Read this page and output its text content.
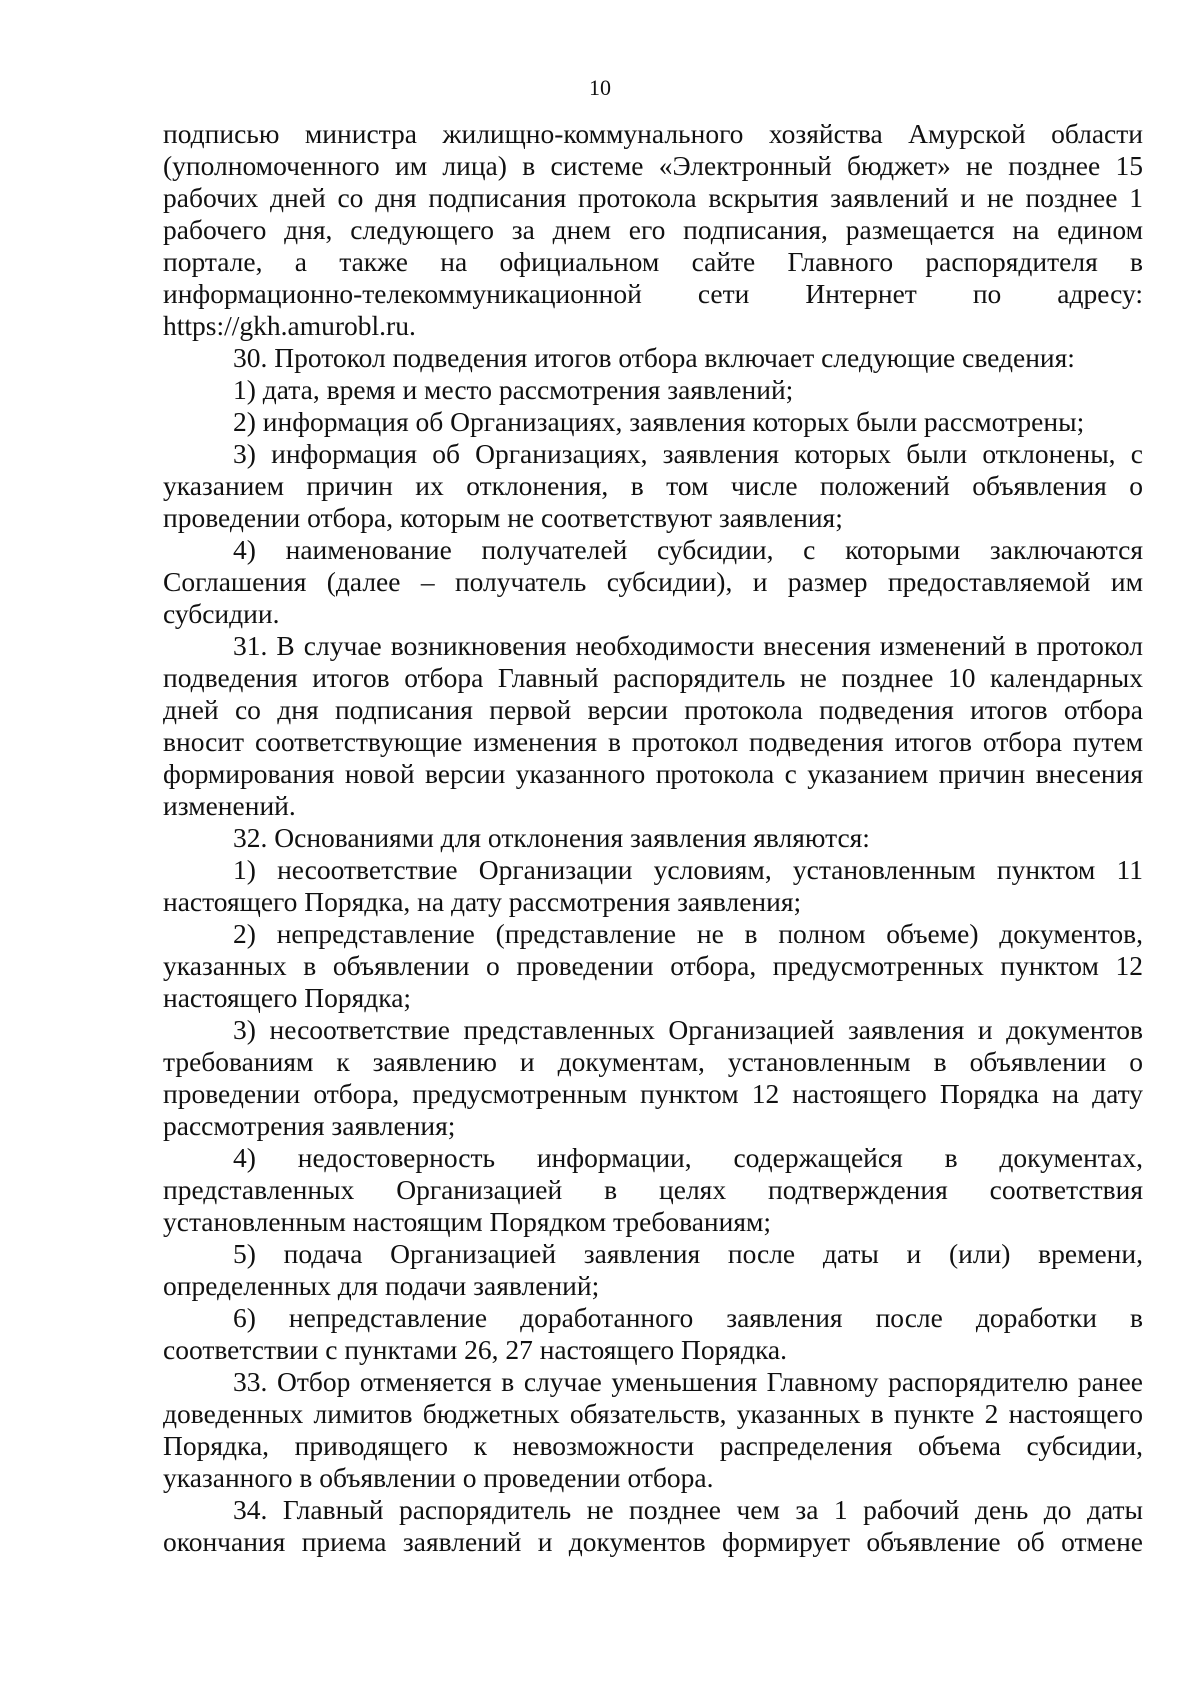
10

подписью министра жилищно-коммунального хозяйства Амурской области (уполномоченного им лица) в системе «Электронный бюджет» не позднее 15 рабочих дней со дня подписания протокола вскрытия заявлений и не позднее 1 рабочего дня, следующего за днем его подписания, размещается на едином портале, а также на официальном сайте Главного распорядителя в информационно-телекоммуникационной сети Интернет по адресу: https://gkh.amurobl.ru.

30. Протокол подведения итогов отбора включает следующие сведения:

1) дата, время и место рассмотрения заявлений;

2) информация об Организациях, заявления которых были рассмотрены;

3) информация об Организациях, заявления которых были отклонены, с указанием причин их отклонения, в том числе положений объявления о проведении отбора, которым не соответствуют заявления;

4) наименование получателей субсидии, с которыми заключаются Соглашения (далее – получатель субсидии), и размер предоставляемой им субсидии.

31. В случае возникновения необходимости внесения изменений в протокол подведения итогов отбора Главный распорядитель не позднее 10 календарных дней со дня подписания первой версии протокола подведения итогов отбора вносит соответствующие изменения в протокол подведения итогов отбора путем формирования новой версии указанного протокола с указанием причин внесения изменений.

32. Основаниями для отклонения заявления являются:

1) несоответствие Организации условиям, установленным пунктом 11 настоящего Порядка, на дату рассмотрения заявления;

2) непредставление (представление не в полном объеме) документов, указанных в объявлении о проведении отбора, предусмотренных пунктом 12 настоящего Порядка;

3) несоответствие представленных Организацией заявления и документов требованиям к заявлению и документам, установленным в объявлении о проведении отбора, предусмотренным пунктом 12 настоящего Порядка на дату рассмотрения заявления;

4) недостоверность информации, содержащейся в документах, представленных Организацией в целях подтверждения соответствия установленным настоящим Порядком требованиям;

5) подача Организацией заявления после даты и (или) времени, определенных для подачи заявлений;

6) непредставление доработанного заявления после доработки в соответствии с пунктами 26, 27 настоящего Порядка.

33. Отбор отменяется в случае уменьшения Главному распорядителю ранее доведенных лимитов бюджетных обязательств, указанных в пункте 2 настоящего Порядка, приводящего к невозможности распределения объема субсидии, указанного в объявлении о проведении отбора.

34. Главный распорядитель не позднее чем за 1 рабочий день до даты окончания приема заявлений и документов формирует объявление об отмене
